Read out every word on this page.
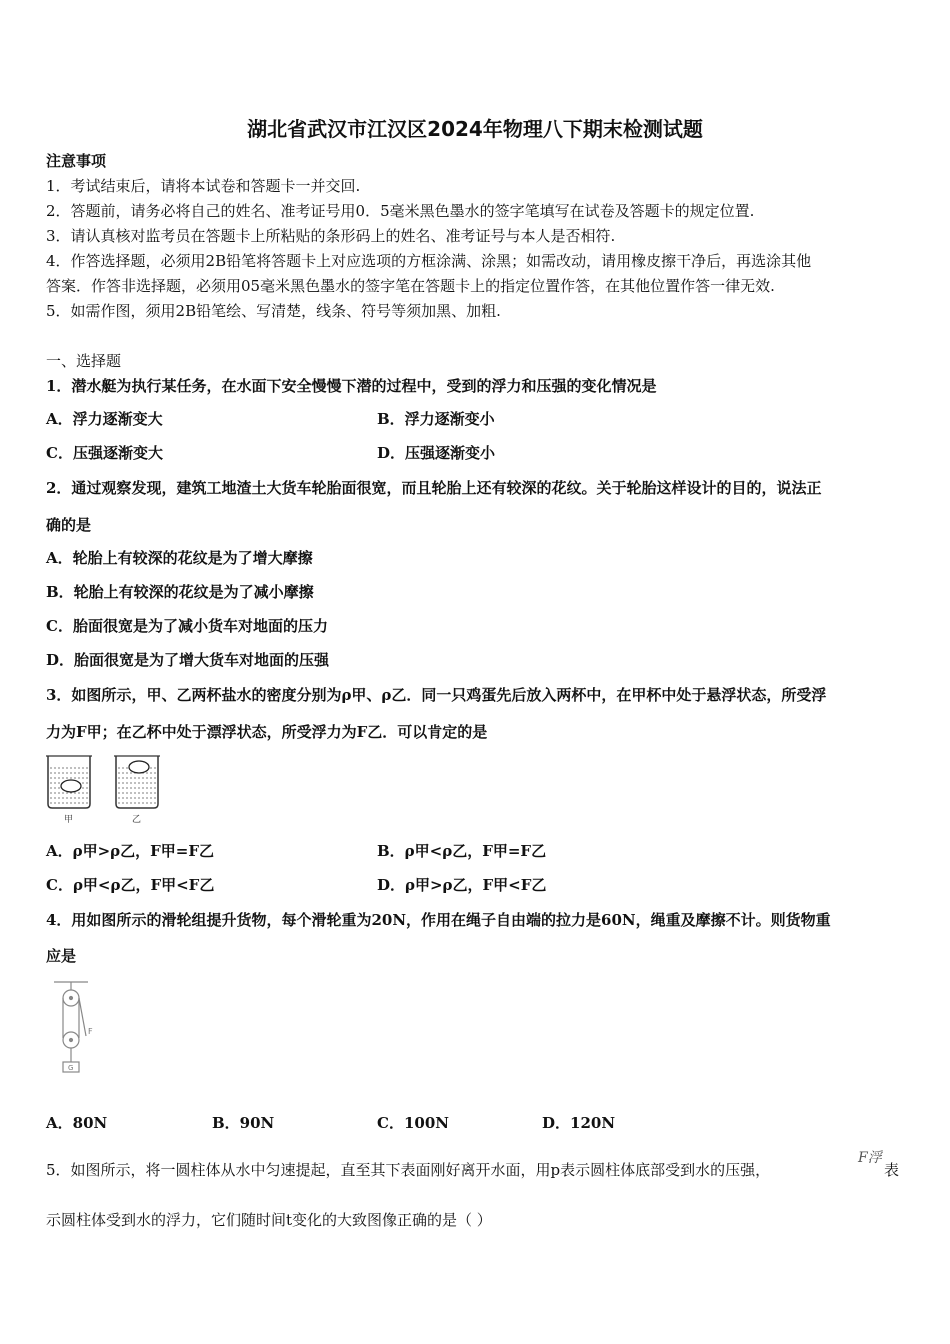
湖北省武汉市江汉区2024年物理八下期末检测试题
注意事项
1．考试结束后，请将本试卷和答题卡一并交回.
2．答题前，请务必将自己的姓名、准考证号用0．5毫米黑色墨水的签字笔填写在试卷及答题卡的规定位置.
3．请认真核对监考员在答题卡上所粘贴的条形码上的姓名、准考证号与本人是否相符.
4．作答选择题，必须用2B铅笔将答题卡上对应选项的方框涂满、涂黑；如需改动，请用橡皮擦干净后，再选涂其他
答案．作答非选择题，必须用05毫米黑色墨水的签字笔在答题卡上的指定位置作答，在其他位置作答一律无效.
5．如需作图，须用2B铅笔绘、写清楚，线条、符号等须加黑、加粗.
一、选择题
1．潜水艇为执行某任务，在水面下安全慢慢下潜的过程中，受到的浮力和压强的变化情况是
A．浮力逐渐变大	B．浮力逐渐变小
C．压强逐渐变大	D．压强逐渐变小
2．通过观察发现，建筑工地渣土大货车轮胎面很宽，而且轮胎上还有较深的花纹。关于轮胎这样设计的目的，说法正
确的是
A．轮胎上有较深的花纹是为了增大摩擦
B．轮胎上有较深的花纹是为了减小摩擦
C．胎面很宽是为了减小货车对地面的压力
D．胎面很宽是为了增大货车对地面的压强
3．如图所示，甲、乙两杯盐水的密度分别为ρ甲、ρ乙．同一只鸡蛋先后放入两杯中，在甲杯中处于悬浮状态，所受浮
力为F甲；在乙杯中处于漂浮状态，所受浮力为F乙．可以肯定的是
甲	乙
A．ρ甲>ρ乙，F甲=F乙	B．ρ甲<ρ乙，F甲=F乙
C．ρ甲<ρ乙，F甲<F乙	D．ρ甲>ρ乙，F甲<F乙
4．用如图所示的滑轮组提升货物，每个滑轮重为20N，作用在绳子自由端的拉力是60N，绳重及摩擦不计。则货物重
应是
F
G
A．80N	B．90N	C．100N	D．120N
5．如图所示，将一圆柱体从水中匀速提起，直至其下表面刚好离开水面，用p表示圆柱体底部受到水的压强，
F浮
表
示圆柱体受到水的浮力，它们随时间t变化的大致图像正确的是（ ）
